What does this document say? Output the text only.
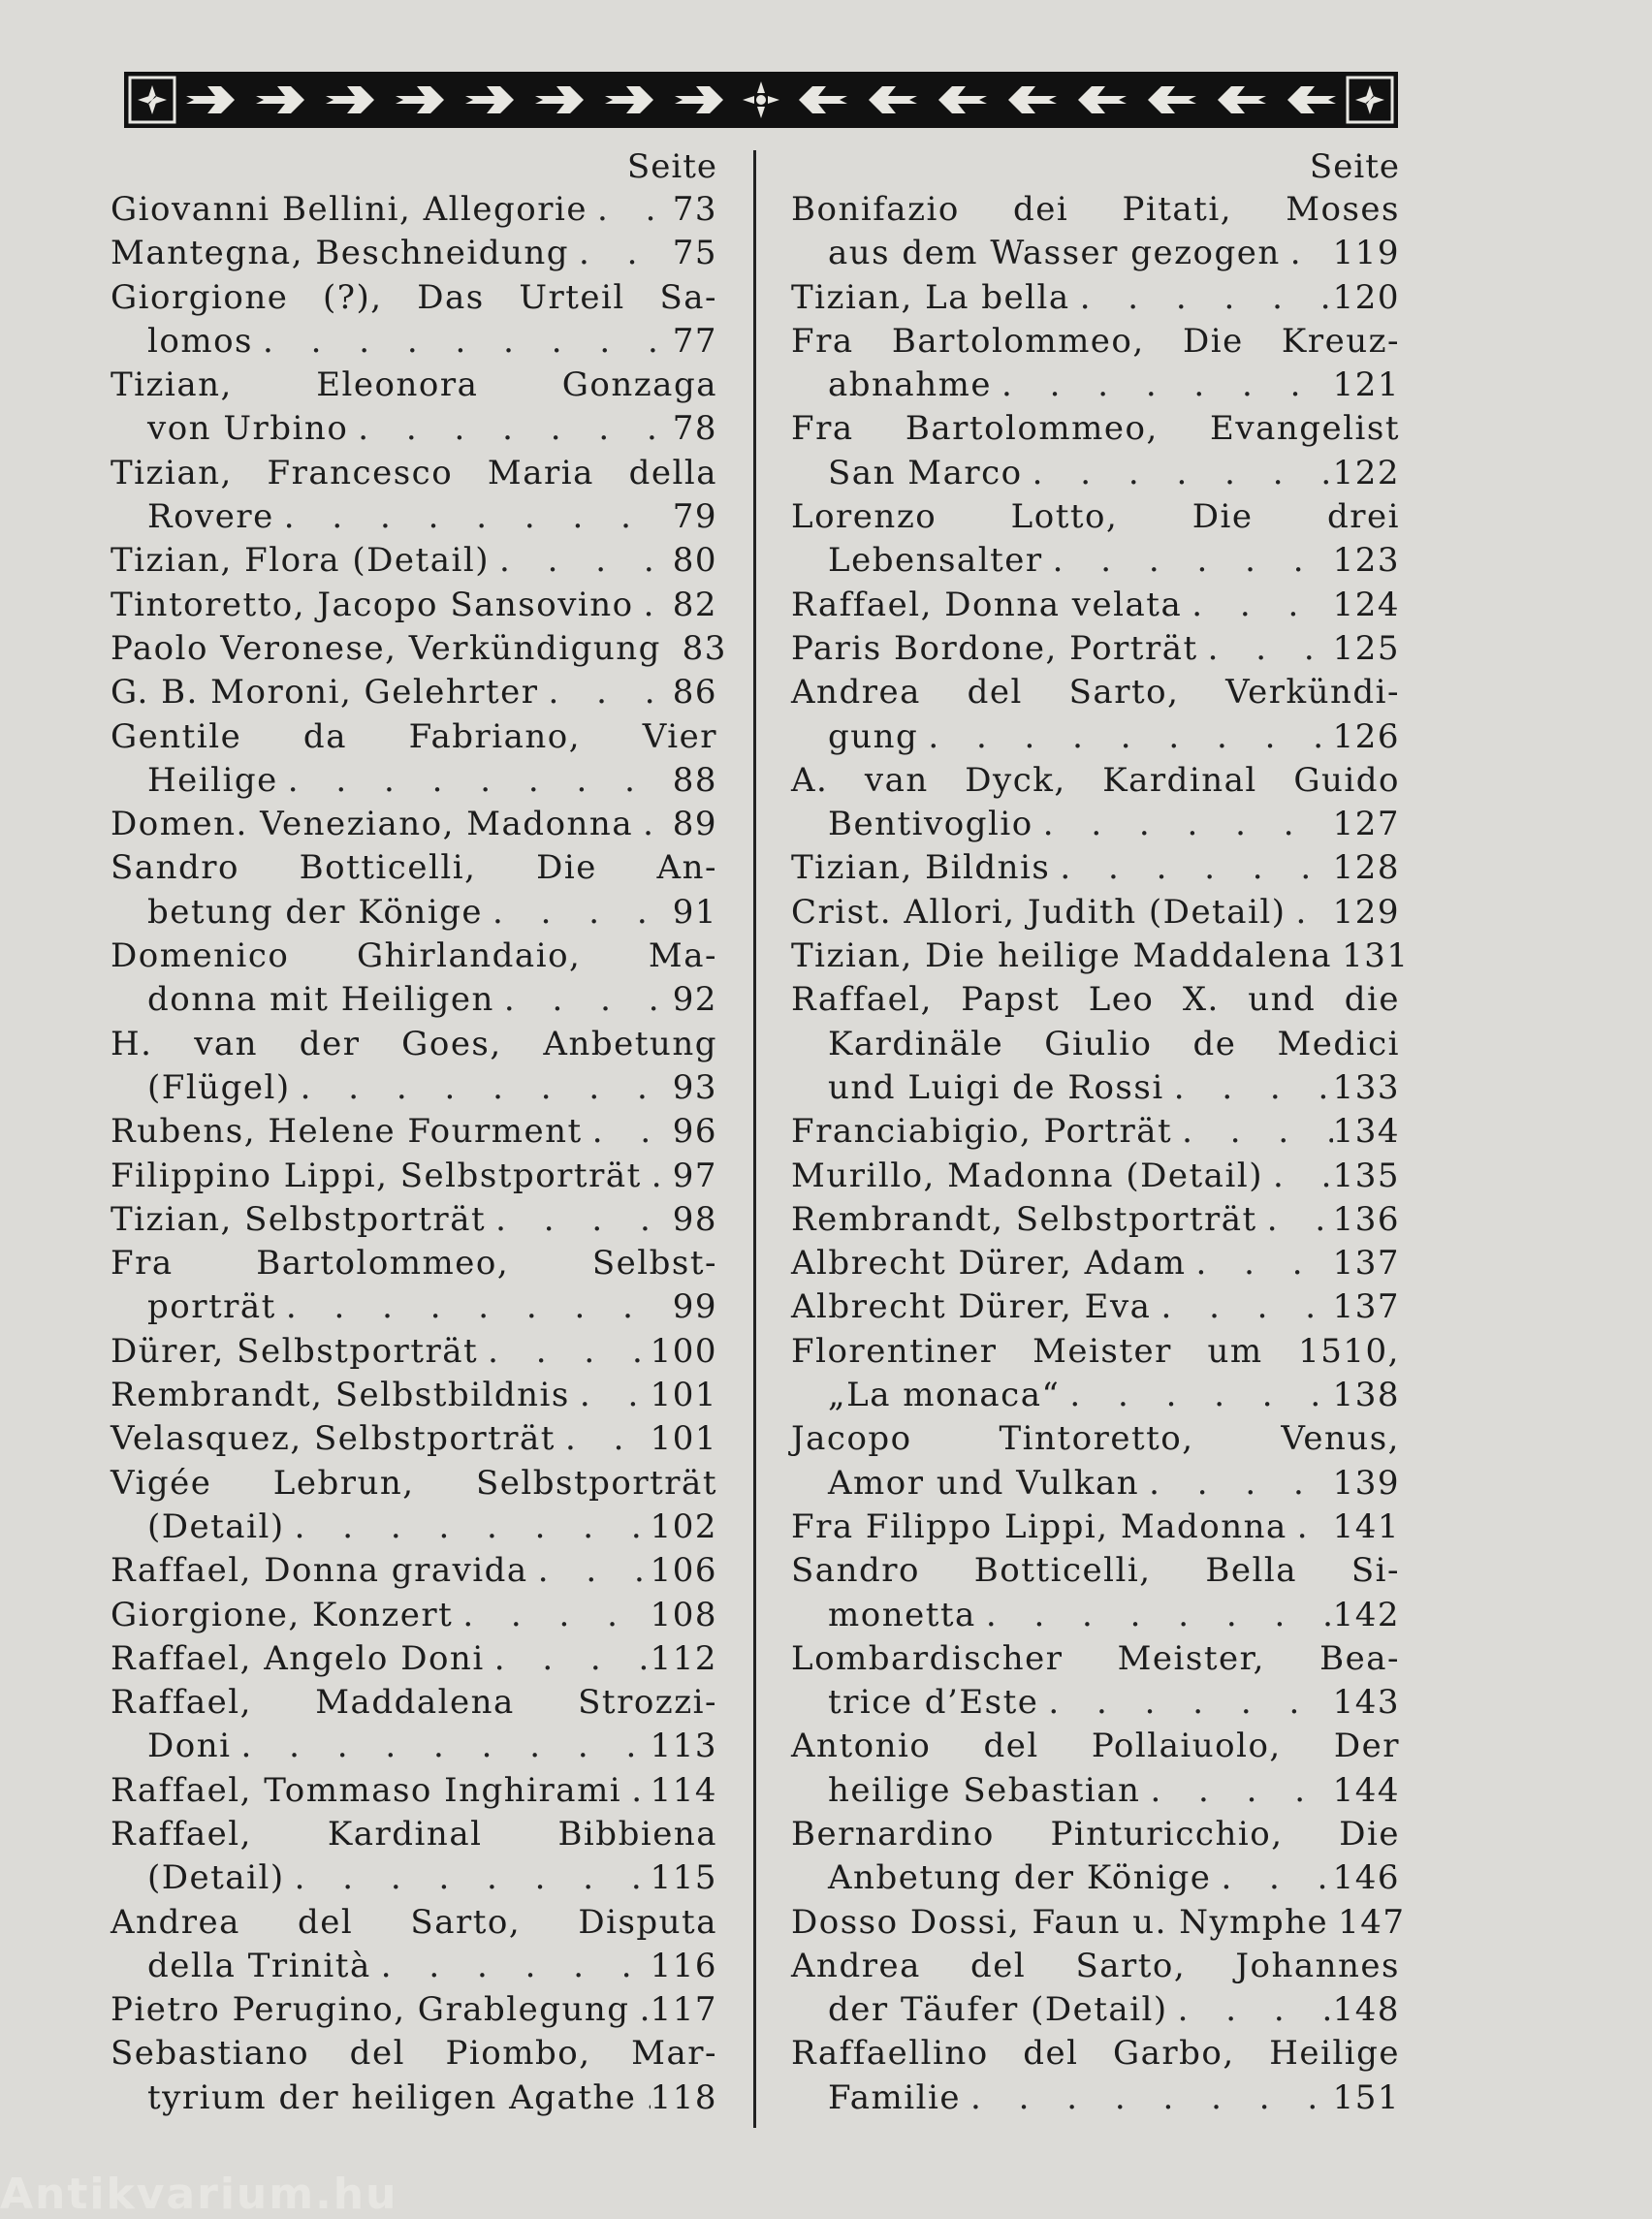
Seite
Giovanni Bellini, Allegorie . . .	73
Mantegna, Beschneidung . . .	75
Giorgione (?), Das Urteil Sa-
lomos . . .	77
Tizian, Eleonora Gonzaga
von Urbino . . .	78
Tizian, Francesco Maria della
Rovere . . .	79
Tizian, Flora (Detail) . . .	80
Tintoretto, Jacopo Sansovino . . .	82
Paolo Veronese, Verkündigung . . . 83
G. B. Moroni, Gelehrter . . .	86
Gentile da Fabriano, Vier
Heilige . . .	88
Domen. Veneziano, Madonna . . .	89
Sandro Botticelli, Die An-
betung der Könige . . .	91
Domenico Ghirlandaio, Ma-
donna mit Heiligen . . .	92
H. van der Goes, Anbetung
(Flügel) . . .	93
Rubens, Helene Fourment . . .	96
Filippino Lippi, Selbstporträt . . . 97
Tizian, Selbstporträt . . .	98
Fra Bartolommeo, Selbst-
porträt . . .	99
Dürer, Selbstporträt . . .	100
Rembrandt, Selbstbildnis . . . 101
Velasquez, Selbstporträt . . .	101
Vigée Lebrun, Selbstporträt
(Detail) . . .	102
Raffael, Donna gravida . . .	106
Giorgione, Konzert . . .	108
Raffael, Angelo Doni . . .	112
Raffael, Maddalena Strozzi-
Doni . . .	113
Raffael, Tommaso Inghirami . . . 114
Raffael, Kardinal Bibbiena
(Detail) . . .	115
Andrea del Sarto, Disputa
della Trinità . . .	116
Pietro Perugino, Grablegung . . . 117
Sebastiano del Piombo, Mar-
tyrium der heiligen Agathe . . . 118
Seite
Bonifazio dei Pitati, Moses
aus dem Wasser gezogen . . . 119
Tizian, La bella . . .	120
Fra Bartolommeo, Die Kreuz-
abnahme . . .	121
Fra Bartolommeo, Evangelist
San Marco . . .	122
Lorenzo Lotto, Die drei
Lebensalter . . .	123
Raffael, Donna velata . . .	124
Paris Bordone, Porträt . . .	125
Andrea del Sarto, Verkündi-
gung . . .	126
A. van Dyck, Kardinal Guido
Bentivoglio . . .	127
Tizian, Bildnis . . .	128
Crist. Allori, Judith (Detail) . . . 129
Tizian, Die heilige Maddalena . . . 131
Raffael, Papst Leo X. und die
Kardinäle Giulio de Medici
und Luigi de Rossi . . .	133
Franciabigio, Porträt . . .	134
Murillo, Madonna (Detail) . . . 135
Rembrandt, Selbstporträt . . . 136
Albrecht Dürer, Adam . . .	137
Albrecht Dürer, Eva . . .	137
Florentiner Meister um 1510,
„La monaca“ . . .	138
Jacopo Tintoretto, Venus,
Amor und Vulkan . . .	139
Fra Filippo Lippi, Madonna . . . 141
Sandro Botticelli, Bella Si-
monetta . . .	142
Lombardischer Meister, Bea-
trice d’Este . . .	143
Antonio del Pollaiuolo, Der
heilige Sebastian . . .	144
Bernardino Pinturicchio, Die
Anbetung der Könige . . .	146
Dosso Dossi, Faun u. Nymphe . . . 147
Andrea del Sarto, Johannes
der Täufer (Detail) . . .	148
Raffaellino del Garbo, Heilige
Familie . . .	151
Antikvarium.hu
